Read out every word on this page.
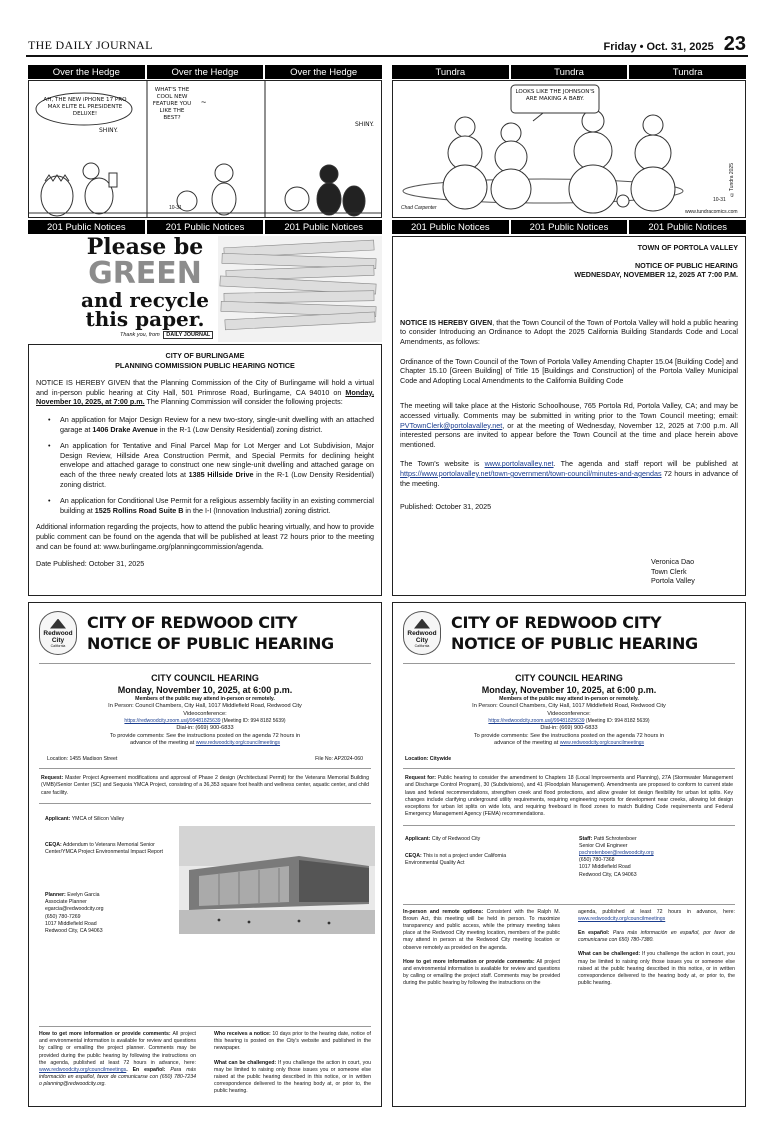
THE DAILY JOURNAL	Friday • Oct. 31, 2025 23
Over the Hedge	Over the Hedge	Over the Hedge	Tundra	Tundra	Tundra
AH, THE NEW iPHONE 17 PRO MAX ELITE EL PRESIDENTE DELUXE!
SHINY.
WHAT'S THE COOL NEW FEATURE YOU LIKE THE BEST?
~
10-31
SHINY.
LOOKS LIKE THE JOHNSON'S ARE MAKING A BABY.
Chad Carpenter
10-31
©Tundra 2025
www.tundracomics.com
201 Public Notices	201 Public Notices	201 Public Notices	201 Public Notices	201 Public Notices	201 Public Notices
Please be
GREEN
and recycle
this paper.
Thank you, from DAILY JOURNAL
CITY OF BURLINGAME
PLANNING COMMISSION PUBLIC HEARING NOTICE
NOTICE IS HEREBY GIVEN that the Planning Commission of the City of Burlingame will hold a virtual and in-person public hearing at City Hall, 501 Primrose Road, Burlingame, CA 94010 on Monday, November 10, 2025, at 7:00 p.m. The Planning Commission will consider the following projects:
• An application for Major Design Review for a new two-story, single-unit dwelling with an attached garage at 1406 Drake Avenue in the R-1 (Low Density Residential) zoning district.
• An application for Tentative and Final Parcel Map for Lot Merger and Lot Subdivision, Major Design Review, Hillside Area Construction Permit, and Special Permits for declining height envelope and attached garage to construct one new single-unit dwelling and attached garage on each of the three newly created lots at 1385 Hillside Drive in the R-1 (Low Density Residential) zoning district.
• An application for Conditional Use Permit for a religious assembly facility in an existing commercial building at 1525 Rollins Road Suite B in the I-I (Innovation Industrial) zoning district.
Additional information regarding the projects, how to attend the public hearing virtually, and how to provide public comment can be found on the agenda that will be published at least 72 hours prior to the meeting and can be found at: www.burlingame.org/planningcommission/agenda.
Date Published: October 31, 2025
TOWN OF PORTOLA VALLEY
NOTICE OF PUBLIC HEARING
WEDNESDAY, NOVEMBER 12, 2025 AT 7:00 P.M.
NOTICE IS HEREBY GIVEN, that the Town Council of the Town of Portola Valley will hold a public hearing to consider Introducing an Ordinance to Adopt the 2025 California Building Standards Code and Local Amendments, as follows:
Ordinance of the Town Council of the Town of Portola Valley Amending Chapter 15.04 [Building Code] and Chapter 15.10 [Green Building] of Title 15 [Buildings and Construction] of the Portola Valley Municipal Code and Adopting Local Amendments to the California Building Code
The meeting will take place at the Historic Schoolhouse, 765 Portola Rd, Portola Valley, CA; and may be accessed virtually. Comments may be submitted in writing prior to the Town Council meeting; email: PVTownClerk@portolavalley.net, or at the meeting of Wednesday, November 12, 2025 at 7:00 p.m. All interested persons are invited to appear before the Town Council at the time and place herein above mentioned.
The Town's website is www.portolavalley.net. The agenda and staff report will be published at https://www.portolavalley.net/town-government/town-council/minutes-and-agendas 72 hours in advance of the meeting.
Published: October 31, 2025
Veronica Dao
Town Clerk
Portola Valley
Redwood
City
California
CITY OF REDWOOD CITY
NOTICE OF PUBLIC HEARING
CITY COUNCIL HEARING
Monday, November 10, 2025, at 6:00 p.m.
Members of the public may attend in-person or remotely.
In Person: Council Chambers, City Hall, 1017 Middlefield Road, Redwood City
Videoconference:
https://redwoodcity.zoom.us/j/99481825639 (Meeting ID: 994 8182 5639)
Dial-in: (669) 900-6833
To provide comments: See the instructions posted on the agenda 72 hours in
advance of the meeting at www.redwoodcity.org/councilmeetings
Location: 1455 Madison Street	File No: AP2024-060
Request: Master Project Agreement modifications and approval of Phase 2 design (Architectural Permit) for the Veterans Memorial Building (VMB)/Senior Center (SC) and Sequoia YMCA Project, consisting of a 36,353 square foot health and wellness center, aquatic center, and child care facility.
Applicant: YMCA of Silicon Valley
CEQA: Addendum to Veterans Memorial Senior Center/YMCA Project Environmental Impact Report
Planner: Evelyn Garcia
Associate Planner
egarcia@redwoodcity.org
(650) 780-7269
1017 Middlefield Road
Redwood City, CA 94063
How to get more information or provide comments: All project and environmental information is available for review and questions by calling or emailing the project planner. Comments may be provided during the public hearing by following the instructions on the agenda, published at least 72 hours in advance, here: www.redwoodcity.org/councilmeetings. En español: Para más información en español, favor de comunicarse con (650) 780-7234 o planning@redwoodcity.org.
Who receives a notice: 10 days prior to the hearing date, notice of this hearing is posted on the City's website and published in the newspaper.
What can be challenged: If you challenge the action in court, you may be limited to raising only those issues you or someone else raised at the public hearing described in this notice, or in written correspondence delivered to the hearing body at, or prior to, the public hearing.
Redwood
City
California
CITY OF REDWOOD CITY
NOTICE OF PUBLIC HEARING
CITY COUNCIL HEARING
Monday, November 10, 2025, at 6:00 p.m.
Members of the public may attend in-person or remotely.
In Person: Council Chambers, City Hall, 1017 Middlefield Road, Redwood City
Videoconference:
https://redwoodcity.zoom.us/j/99481825639 (Meeting ID: 994 8182 5639)
Dial-in: (669) 900-6833
To provide comments: See the instructions posted on the agenda 72 hours in
advance of the meeting at www.redwoodcity.org/councilmeetings
Location: Citywide
Request for: Public hearing to consider the amendment to Chapters 18 (Local Improvements and Planning), 27A (Stormwater Management and Discharge Control Program), 30 (Subdivisions), and 41 (Floodplain Management). Amendments are proposed to conform to current state laws and federal recommendations, strengthen creek and flood protections, and allow greater lot design flexibility for urban lot splits. Key changes include clarifying underground utility requirements, requiring engineering reports for development near creeks, allowing lot design exceptions for urban lot splits on wide lots, and requiring freeboard in flood zones to match Building Code requirements and Federal Emergency Management Agency (FEMA) recommendations.
Applicant: City of Redwood City
CEQA: This is not a project under California Environmental Quality Act
Staff: Patti Schrotenboer
Senior Civil Engineer
pschrotenboer@redwoodcity.org
(650) 780-7368
1017 Middlefield Road
Redwood City, CA 94063
In-person and remote options: Consistent with the Ralph M. Brown Act, this meeting will be held in person. To maximize transparency and public access, while the primary meeting takes place at the Redwood City meeting location, members of the public may attend in person at the Redwood City meeting location or observe remotely as provided on the agenda.
How to get more information or provide comments: All project and environmental information is available for review and questions by calling or emailing the project staff. Comments may be provided during the public hearing by following the instructions on the
agenda, published at least 72 hours in advance, here: www.redwoodcity.org/councilmeetings
En español: Para más información en español, por favor de comunicarse con 650) 780-7380.
What can be challenged: If you challenge the action in court, you may be limited to raising only those issues you or someone else raised at the public hearing described in this notice, or in written correspondence delivered to the hearing body at, or prior to, the public hearing.
